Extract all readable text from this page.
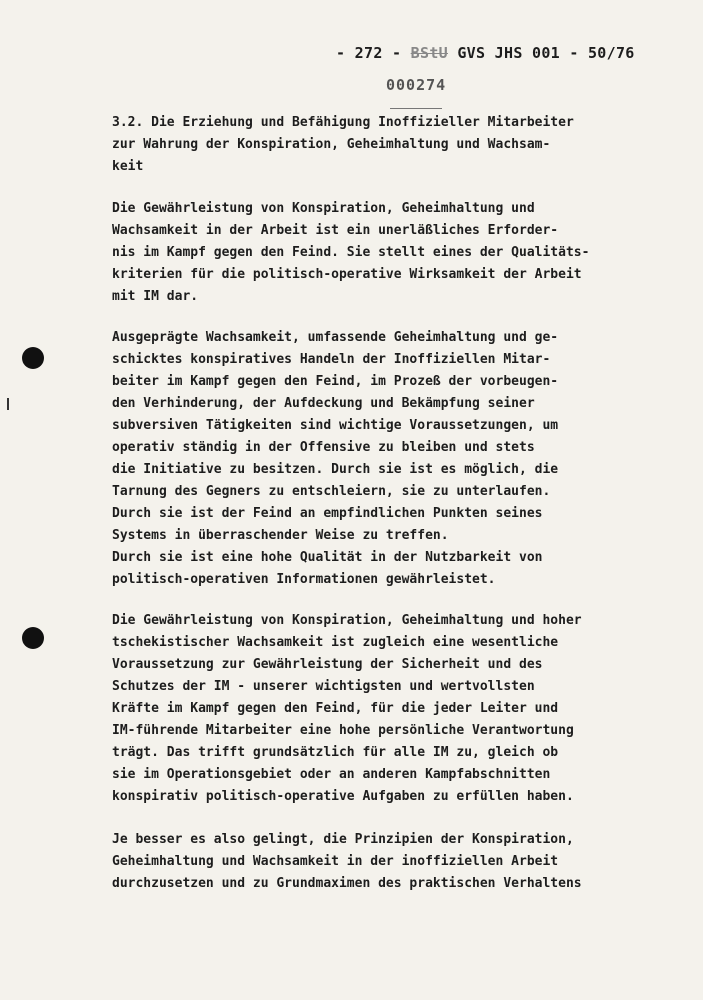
- 272 - BStU GVS JHS 001 - 50/76
000274
3.2. Die Erziehung und Befähigung Inoffizieller Mitarbeiter
zur Wahrung der Konspiration, Geheimhaltung und Wachsam-
keit
Die Gewährleistung von Konspiration, Geheimhaltung und
Wachsamkeit in der Arbeit ist ein unerläßliches Erforder-
nis im Kampf gegen den Feind. Sie stellt eines der Qualitäts-
kriterien für die politisch-operative Wirksamkeit der Arbeit
mit IM dar.
Ausgeprägte Wachsamkeit, umfassende Geheimhaltung und ge-
schicktes konspiratives Handeln der Inoffiziellen Mitar-
beiter im Kampf gegen den Feind, im Prozeß der vorbeugen-
den Verhinderung, der Aufdeckung und Bekämpfung seiner
subversiven Tätigkeiten sind wichtige Voraussetzungen, um
operativ ständig in der Offensive zu bleiben und stets
die Initiative zu besitzen. Durch sie ist es möglich, die
Tarnung des Gegners zu entschleiern, sie zu unterlaufen.
Durch sie ist der Feind an empfindlichen Punkten seines
Systems in überraschender Weise zu treffen.
Durch sie ist eine hohe Qualität in der Nutzbarkeit von
politisch-operativen Informationen gewährleistet.
Die Gewährleistung von Konspiration, Geheimhaltung und hoher
tschekistischer Wachsamkeit ist zugleich eine wesentliche
Voraussetzung zur Gewährleistung der Sicherheit und des
Schutzes der IM - unserer wichtigsten und wertvollsten
Kräfte im Kampf gegen den Feind, für die jeder Leiter und
IM-führende Mitarbeiter eine hohe persönliche Verantwortung
trägt. Das trifft grundsätzlich für alle IM zu, gleich ob
sie im Operationsgebiet oder an anderen Kampfabschnitten
konspirativ politisch-operative Aufgaben zu erfüllen haben.
Je besser es also gelingt, die Prinzipien der Konspiration,
Geheimhaltung und Wachsamkeit in der inoffiziellen Arbeit
durchzusetzen und zu Grundmaximen des praktischen Verhaltens
